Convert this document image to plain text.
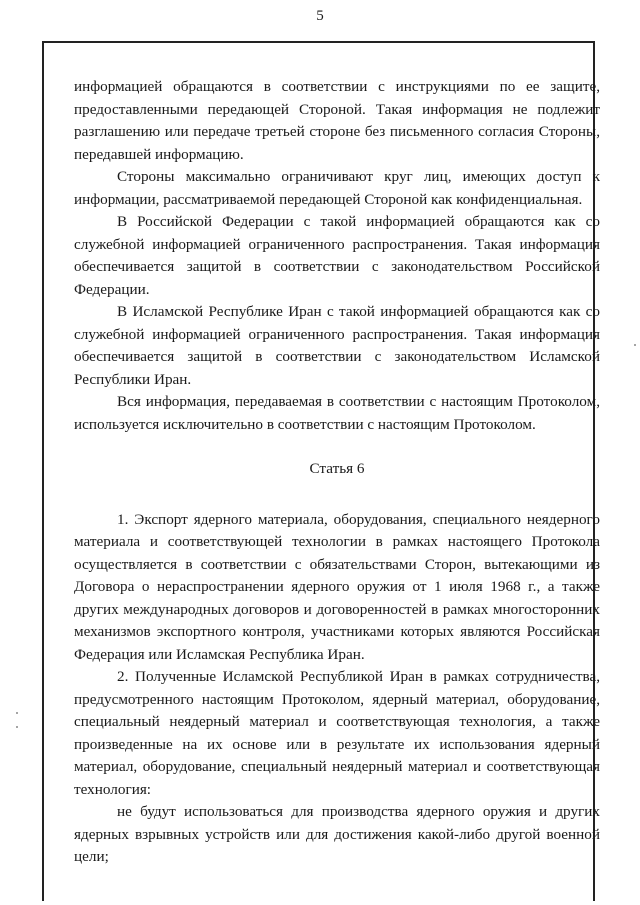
5

информацией обращаются в соответствии с инструкциями по ее защите, предоставленными передающей Стороной. Такая информация не подлежит разглашению или передаче третьей стороне без письменного согласия Стороны, передавшей информацию.

Стороны максимально ограничивают круг лиц, имеющих доступ к информации, рассматриваемой передающей Стороной как конфиденциальная.

В Российской Федерации с такой информацией обращаются как со служебной информацией ограниченного распространения. Такая информация обеспечивается защитой в соответствии с законодательством Российской Федерации.

В Исламской Республике Иран с такой информацией обращаются как со служебной информацией ограниченного распространения. Такая информация обеспечивается защитой в соответствии с законодательством Исламской Республики Иран.

Вся информация, передаваемая в соответствии с настоящим Протоколом, используется исключительно в соответствии с настоящим Протоколом.

Статья 6

1. Экспорт ядерного материала, оборудования, специального неядерного материала и соответствующей технологии в рамках настоящего Протокола осуществляется в соответствии с обязательствами Сторон, вытекающими из Договора о нераспространении ядерного оружия от 1 июля 1968 г., а также других международных договоров и договоренностей в рамках многосторонних механизмов экспортного контроля, участниками которых являются Российская Федерация или Исламская Республика Иран.

2. Полученные Исламской Республикой Иран в рамках сотрудничества, предусмотренного настоящим Протоколом, ядерный материал, оборудование, специальный неядерный материал и соответствующая технология, а также произведенные на их основе или в результате их использования ядерный материал, оборудование, специальный неядерный материал и соответствующая технология:

не будут использоваться для производства ядерного оружия и других ядерных взрывных устройств или для достижения какой-либо другой военной цели;
